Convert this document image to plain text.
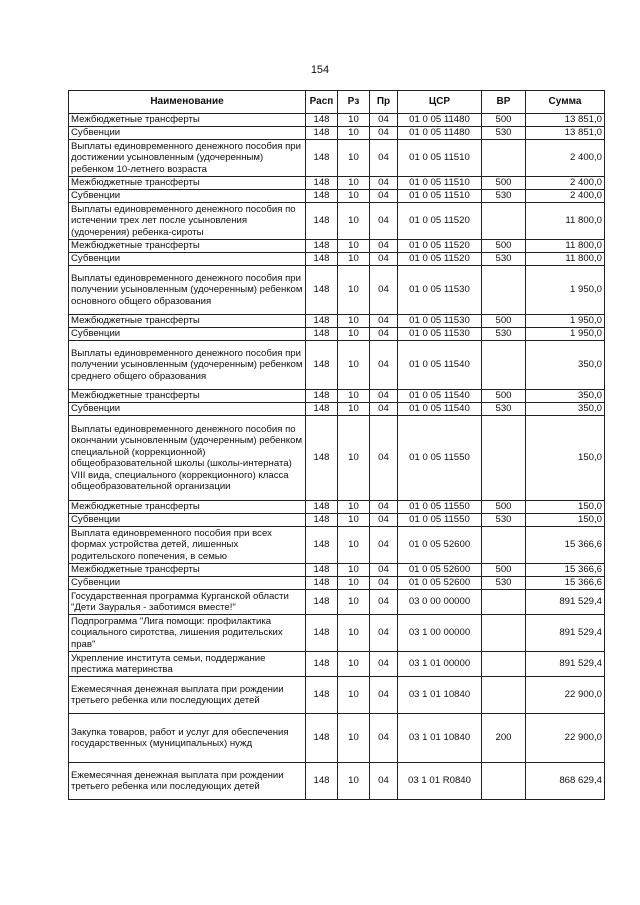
154
Наименование	Расп	Рз	Пр	ЦСР	ВР	Сумма
Межбюджетные трансферты	148	10	04	01 0 05 11480	500	13 851,0
Субвенции	148	10	04	01 0 05 11480	530	13 851,0
Выплаты единовременного денежного пособия при достижении усыновленным (удочеренным) ребенком 10-летнего возраста	148	10	04	01 0 05 11510		2 400,0
Межбюджетные трансферты	148	10	04	01 0 05 11510	500	2 400,0
Субвенции	148	10	04	01 0 05 11510	530	2 400,0
Выплаты единовременного денежного пособия по истечении трех лет после усыновления (удочерения) ребенка-сироты	148	10	04	01 0 05 11520		11 800,0
Межбюджетные трансферты	148	10	04	01 0 05 11520	500	11 800,0
Субвенции	148	10	04	01 0 05 11520	530	11 800,0
Выплаты единовременного денежного пособия при получении усыновленным (удочеренным) ребенком основного общего образования	148	10	04	01 0 05 11530		1 950,0
Межбюджетные трансферты	148	10	04	01 0 05 11530	500	1 950,0
Субвенции	148	10	04	01 0 05 11530	530	1 950,0
Выплаты единовременного денежного пособия при получении усыновленным (удочеренным) ребенком среднего общего образования	148	10	04	01 0 05 11540		350,0
Межбюджетные трансферты	148	10	04	01 0 05 11540	500	350,0
Субвенции	148	10	04	01 0 05 11540	530	350,0
Выплаты единовременного денежного пособия по окончании усыновленным (удочеренным) ребенком специальной (коррекционной) общеобразовательной школы (школы-интерната) VIII вида, специального (коррекционного) класса общеобразовательной организации	148	10	04	01 0 05 11550		150,0
Межбюджетные трансферты	148	10	04	01 0 05 11550	500	150,0
Субвенции	148	10	04	01 0 05 11550	530	150,0
Выплата единовременного пособия при всех формах устройства детей, лишенных родительского попечения, в семью	148	10	04	01 0 05 52600		15 366,6
Межбюджетные трансферты	148	10	04	01 0 05 52600	500	15 366,6
Субвенции	148	10	04	01 0 05 52600	530	15 366,6
Государственная программа Курганской области "Дети Зауралья - заботимся вместе!"	148	10	04	03 0 00 00000		891 529,4
Подпрограмма "Лига помощи: профилактика социального сиротства, лишения родительских прав"	148	10	04	03 1 00 00000		891 529,4
Укрепление института семьи, поддержание престижа материнства	148	10	04	03 1 01 00000		891 529,4
Ежемесячная денежная выплата при рождении третьего ребенка или последующих детей	148	10	04	03 1 01 10840		22 900,0
Закупка товаров, работ и услуг для обеспечения государственных (муниципальных) нужд	148	10	04	03 1 01 10840	200	22 900,0
Ежемесячная денежная выплата при рождении третьего ребенка или последующих детей	148	10	04	03 1 01 R0840		868 629,4
